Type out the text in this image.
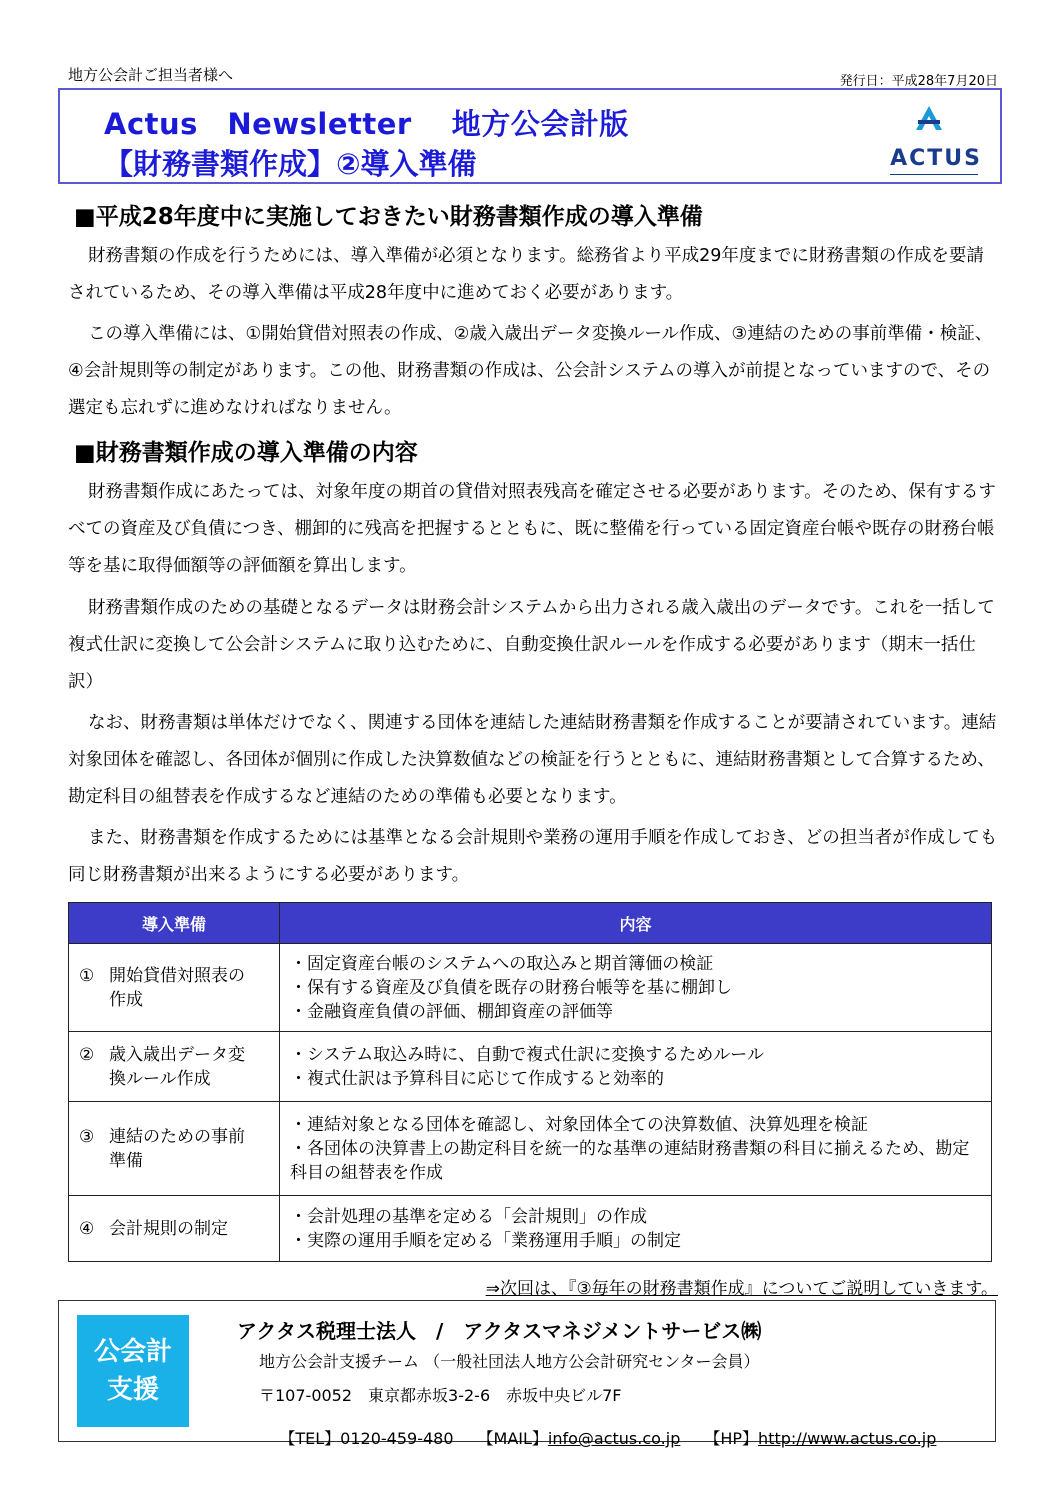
地方公会計ご担当者様へ	発行日：平成28年7月20日
Actus　Newsletter　 地方公会計版
【財務書類作成】②導入準備	ACTUS
■平成28年度中に実施しておきたい財務書類作成の導入準備
財務書類の作成を行うためには、導入準備が必須となります。総務省より平成29年度までに財務書類の作成を要請されているため、その導入準備は平成28年度中に進めておく必要があります。
この導入準備には、①開始貸借対照表の作成、②歳入歳出データ変換ルール作成、③連結のための事前準備・検証、④会計規則等の制定があります。この他、財務書類の作成は、公会計システムの導入が前提となっていますので、その選定も忘れずに進めなければなりません。
■財務書類作成の導入準備の内容
財務書類作成にあたっては、対象年度の期首の貸借対照表残高を確定させる必要があります。そのため、保有するすべての資産及び負債につき、棚卸的に残高を把握するとともに、既に整備を行っている固定資産台帳や既存の財務台帳等を基に取得価額等の評価額を算出します。
財務書類作成のための基礎となるデータは財務会計システムから出力される歳入歳出のデータです。これを一括して複式仕訳に変換して公会計システムに取り込むために、自動変換仕訳ルールを作成する必要があります（期末一括仕訳）
なお、財務書類は単体だけでなく、関連する団体を連結した連結財務書類を作成することが要請されています。連結対象団体を確認し、各団体が個別に作成した決算数値などの検証を行うとともに、連結財務書類として合算するため、勘定科目の組替表を作成するなど連結のための準備も必要となります。
また、財務書類を作成するためには基準となる会計規則や業務の運用手順を作成しておき、どの担当者が作成しても同じ財務書類が出来るようにする必要があります。
導入準備	内容
① 開始貸借対照表の作成	・固定資産台帳のシステムへの取込みと期首簿価の検証
・保有する資産及び負債を既存の財務台帳等を基に棚卸し
・金融資産負債の評価、棚卸資産の評価等

② 歳入歳出データ変換ルール作成	・システム取込み時に、自動で複式仕訳に変換するためルール
・複式仕訳は予算科目に応じて作成すると効率的

③ 連結のための事前準備	・連結対象となる団体を確認し、対象団体全ての決算数値、決算処理を検証
・各団体の決算書上の勘定科目を統一的な基準の連結財務書類の科目に揃えるため、勘定科目の組替表を作成

④ 会計規則の制定	・会計処理の基準を定める「会計規則」の作成
・実際の運用手順を定める「業務運用手順」の制定
⇒次回は、『③毎年の財務書類作成』についてご説明していきます。
公会計
支援
アクタス税理士法人　/　アクタスマネジメントサービス㈱
地方公会計支援チーム （一般社団法人地方公会計研究センター会員）
〒107-0052　東京都赤坂3-2-6　赤坂中央ビル7F

【TEL】0120-459-480　　 【MAIL】info@actus.co.jp　　 【HP】http://www.actus.co.jp
